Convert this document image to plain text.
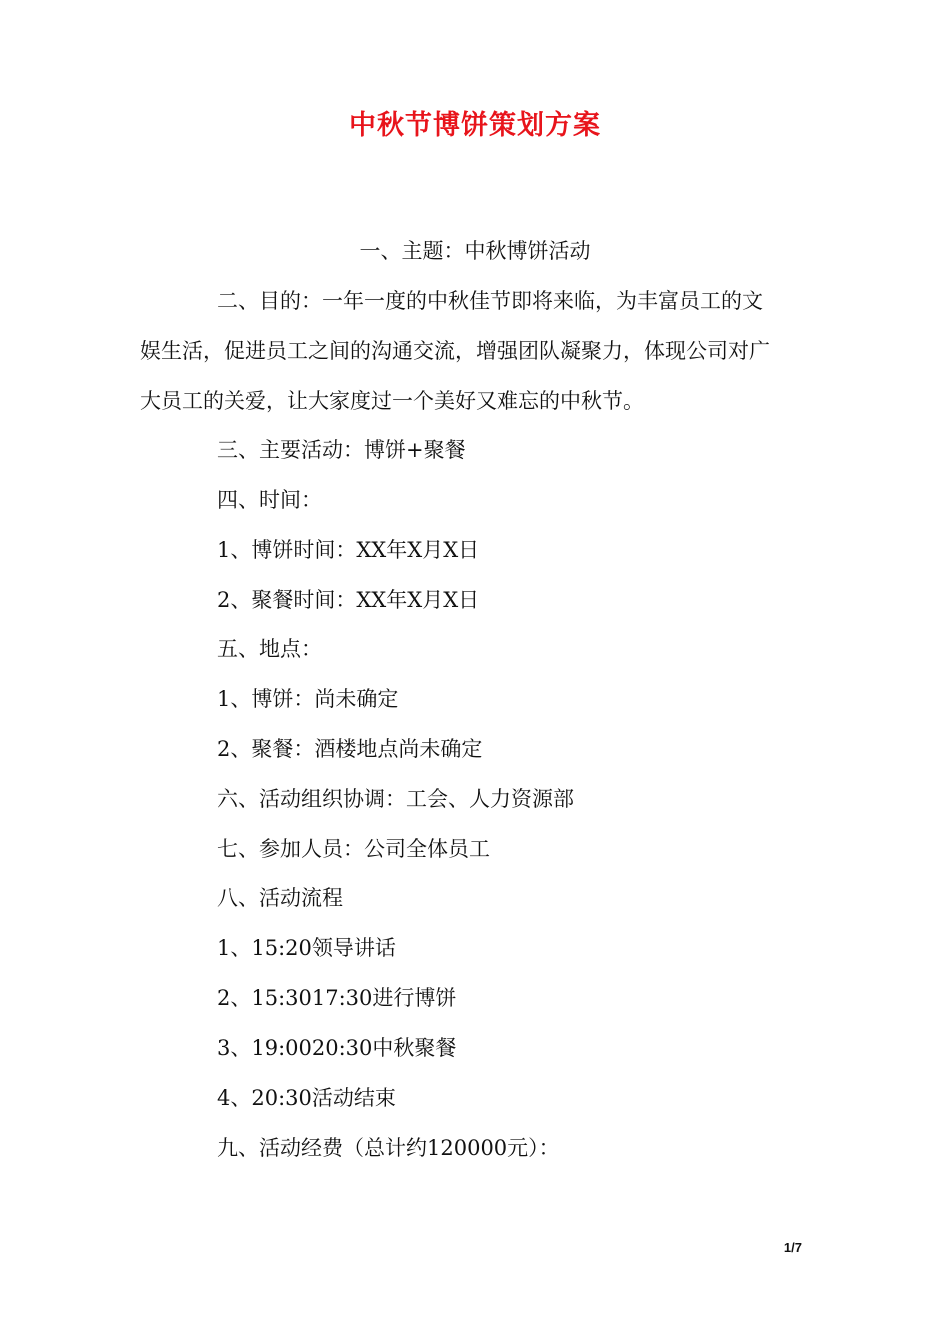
中秋节博饼策划方案

一、主题：中秋博饼活动

二、目的：一年一度的中秋佳节即将来临，为丰富员工的文

娱生活，促进员工之间的沟通交流，增强团队凝聚力，体现公司对广

大员工的关爱，让大家度过一个美好又难忘的中秋节。

三、主要活动：博饼+聚餐

四、时间：

1、博饼时间：XX年X月X日

2、聚餐时间：XX年X月X日

五、地点：

1、博饼：尚未确定

2、聚餐：酒楼地点尚未确定

六、活动组织协调：工会、人力资源部

七、参加人员：公司全体员工

八、活动流程

1、15:20领导讲话

2、15:3017:30进行博饼

3、19:0020:30中秋聚餐

4、20:30活动结束

九、活动经费（总计约120000元）：

1/7
